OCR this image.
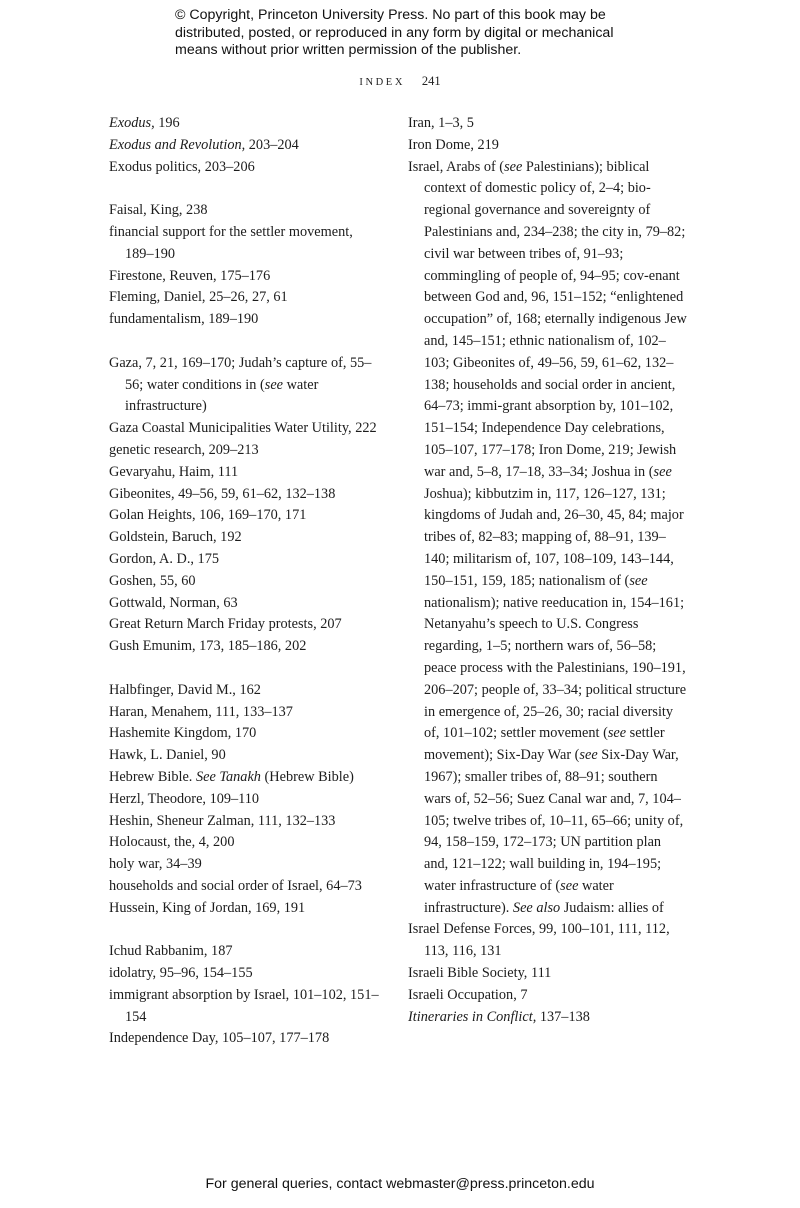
© Copyright, Princeton University Press. No part of this book may be distributed, posted, or reproduced in any form by digital or mechanical means without prior written permission of the publisher.
INDEX 241
Exodus, 196
Exodus and Revolution, 203–204
Exodus politics, 203–206
Faisal, King, 238
financial support for the settler movement, 189–190
Firestone, Reuven, 175–176
Fleming, Daniel, 25–26, 27, 61
fundamentalism, 189–190
Gaza, 7, 21, 169–170; Judah’s capture of, 55–56; water conditions in (see water infrastructure)
Gaza Coastal Municipalities Water Utility, 222
genetic research, 209–213
Gevaryahu, Haim, 111
Gibeonites, 49–56, 59, 61–62, 132–138
Golan Heights, 106, 169–170, 171
Goldstein, Baruch, 192
Gordon, A. D., 175
Goshen, 55, 60
Gottwald, Norman, 63
Great Return March Friday protests, 207
Gush Emunim, 173, 185–186, 202
Halbfinger, David M., 162
Haran, Menahem, 111, 133–137
Hashemite Kingdom, 170
Hawk, L. Daniel, 90
Hebrew Bible. See Tanakh (Hebrew Bible)
Herzl, Theodore, 109–110
Heshin, Sheneur Zalman, 111, 132–133
Holocaust, the, 4, 200
holy war, 34–39
households and social order of Israel, 64–73
Hussein, King of Jordan, 169, 191
Ichud Rabbanim, 187
idolatry, 95–96, 154–155
immigrant absorption by Israel, 101–102, 151–154
Independence Day, 105–107, 177–178
Iran, 1–3, 5
Iron Dome, 219
Israel, Arabs of (see Palestinians); biblical context of domestic policy of, 2–4; bio-regional governance and sovereignty of Palestinians and, 234–238; the city in, 79–82; civil war between tribes of, 91–93; commingling of people of, 94–95; cov-enant between God and, 96, 151–152; “enlightened occupation” of, 168; eternally indigenous Jew and, 145–151; ethnic nationalism of, 102–103; Gibeonites of, 49–56, 59, 61–62, 132–138; households and social order in ancient, 64–73; immi-grant absorption by, 101–102, 151–154; Independence Day celebrations, 105–107, 177–178; Iron Dome, 219; Jewish war and, 5–8, 17–18, 33–34; Joshua in (see Joshua); kibbutzim in, 117, 126–127, 131; kingdoms of Judah and, 26–30, 45, 84; major tribes of, 82–83; mapping of, 88–91, 139–140; militarism of, 107, 108–109, 143–144, 150–151, 159, 185; nationalism of (see nationalism); native reeducation in, 154–161; Netanyahu’s speech to U.S. Congress regarding, 1–5; northern wars of, 56–58; peace process with the Palestinians, 190–191, 206–207; people of, 33–34; political structure in emergence of, 25–26, 30; racial diversity of, 101–102; settler movement (see settler movement); Six-Day War (see Six-Day War, 1967); smaller tribes of, 88–91; southern wars of, 52–56; Suez Canal war and, 7, 104–105; twelve tribes of, 10–11, 65–66; unity of, 94, 158–159, 172–173; UN partition plan and, 121–122; wall building in, 194–195; water infrastructure of (see water infrastructure). See also Judaism: allies of
Israel Defense Forces, 99, 100–101, 111, 112, 113, 116, 131
Israeli Bible Society, 111
Israeli Occupation, 7
Itineraries in Conflict, 137–138
For general queries, contact webmaster@press.princeton.edu
